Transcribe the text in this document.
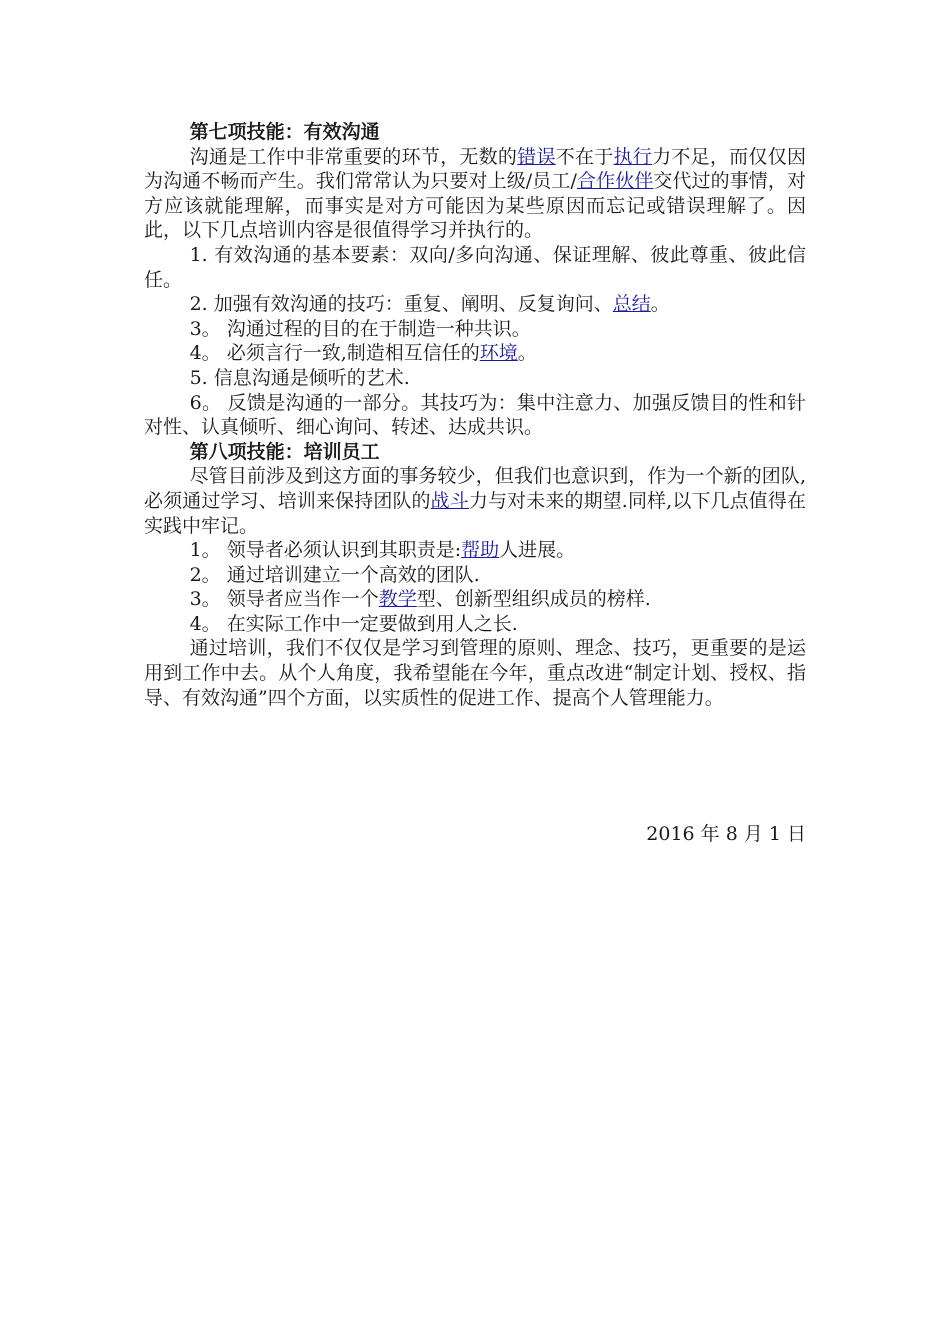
第七项技能：有效沟通

沟通是工作中非常重要的环节，无数的错误不在于执行力不足，而仅仅因为沟通不畅而产生。我们常常认为只要对上级/员工/合作伙伴交代过的事情，对方应该就能理解，而事实是对方可能因为某些原因而忘记或错误理解了。因此，以下几点培训内容是很值得学习并执行的。

1. 有效沟通的基本要素：双向/多向沟通、保证理解、彼此尊重、彼此信任。

2. 加强有效沟通的技巧：重复、阐明、反复询问、总结。

3。 沟通过程的目的在于制造一种共识。

4。 必须言行一致,制造相互信任的环境。

5. 信息沟通是倾听的艺术.

6。 反馈是沟通的一部分。其技巧为：集中注意力、加强反馈目的性和针对性、认真倾听、细心询问、转述、达成共识。

第八项技能：培训员工

尽管目前涉及到这方面的事务较少，但我们也意识到，作为一个新的团队,必须通过学习、培训来保持团队的战斗力与对未来的期望.同样,以下几点值得在实践中牢记。

1。 领导者必须认识到其职责是:帮助人进展。

2。 通过培训建立一个高效的团队.

3。 领导者应当作一个教学型、创新型组织成员的榜样.

4。 在实际工作中一定要做到用人之长.

通过培训，我们不仅仅是学习到管理的原则、理念、技巧，更重要的是运用到工作中去。从个人角度，我希望能在今年，重点改进“制定计划、授权、指导、有效沟通”四个方面，以实质性的促进工作、提高个人管理能力。

2016 年 8 月 1 日
